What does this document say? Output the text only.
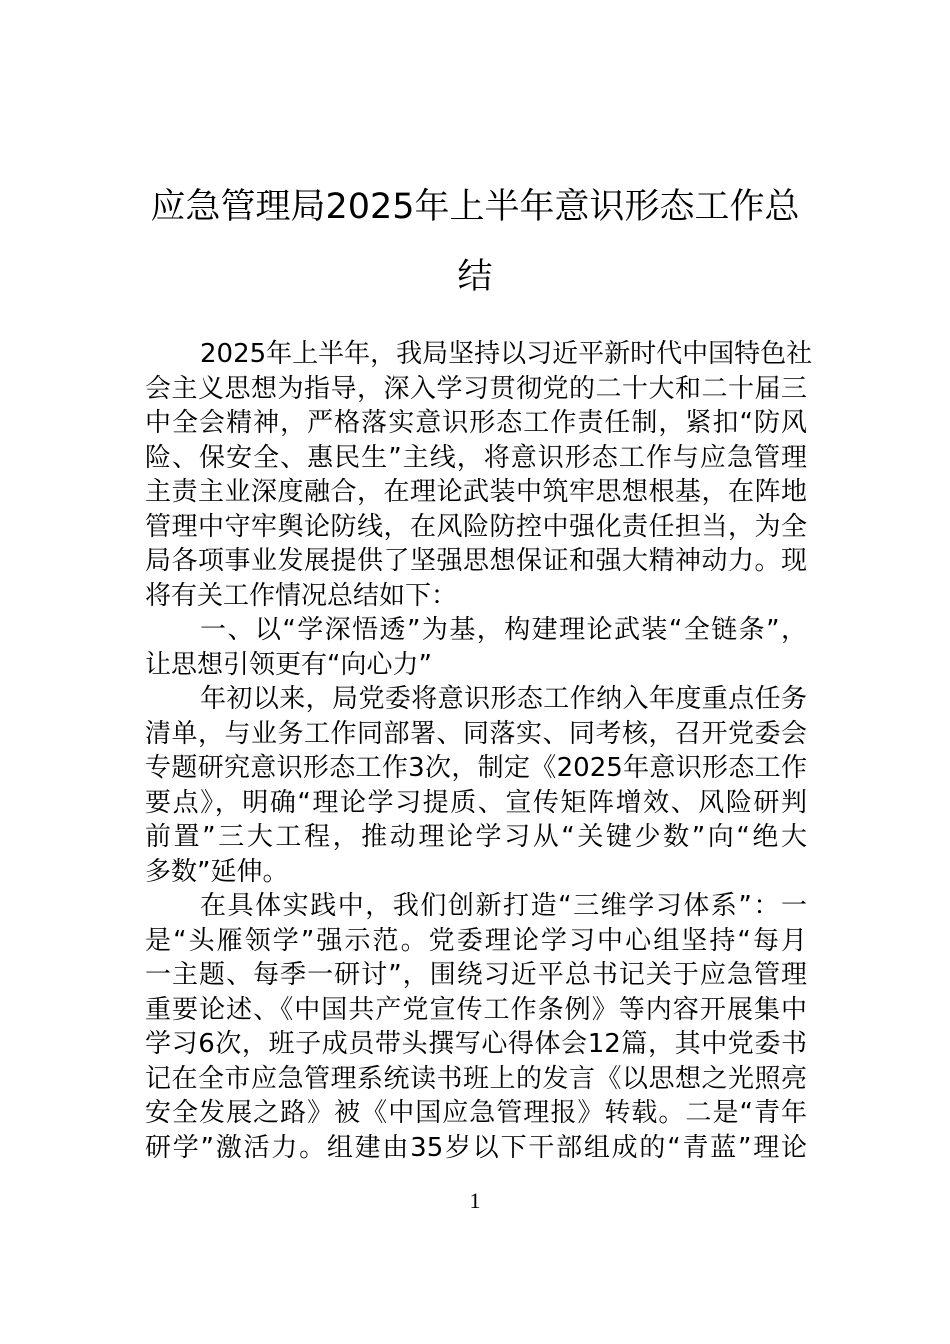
应急管理局2025年上半年意识形态工作总
结
2025年上半年，我局坚持以习近平新时代中国特色社
会主义思想为指导，深入学习贯彻党的二十大和二十届三
中全会精神，严格落实意识形态工作责任制，紧扣“防风
险、保安全、惠民生”主线，将意识形态工作与应急管理
主责主业深度融合，在理论武装中筑牢思想根基，在阵地
管理中守牢舆论防线，在风险防控中强化责任担当，为全
局各项事业发展提供了坚强思想保证和强大精神动力。现
将有关工作情况总结如下：
一、以“学深悟透”为基，构建理论武装“全链条”，
让思想引领更有“向心力”
年初以来，局党委将意识形态工作纳入年度重点任务
清单，与业务工作同部署、同落实、同考核，召开党委会
专题研究意识形态工作3次，制定《2025年意识形态工作
要点》，明确“理论学习提质、宣传矩阵增效、风险研判
前置”三大工程，推动理论学习从“关键少数”向“绝大
多数”延伸。
在具体实践中，我们创新打造“三维学习体系”：一
是“头雁领学”强示范。党委理论学习中心组坚持“每月
一主题、每季一研讨”，围绕习近平总书记关于应急管理
重要论述、《中国共产党宣传工作条例》等内容开展集中
学习6次，班子成员带头撰写心得体会12篇，其中党委书
记在全市应急管理系统读书班上的发言《以思想之光照亮
安全发展之路》被《中国应急管理报》转载。二是“青年
研学”激活力。组建由35岁以下干部组成的“青蓝”理论
1
